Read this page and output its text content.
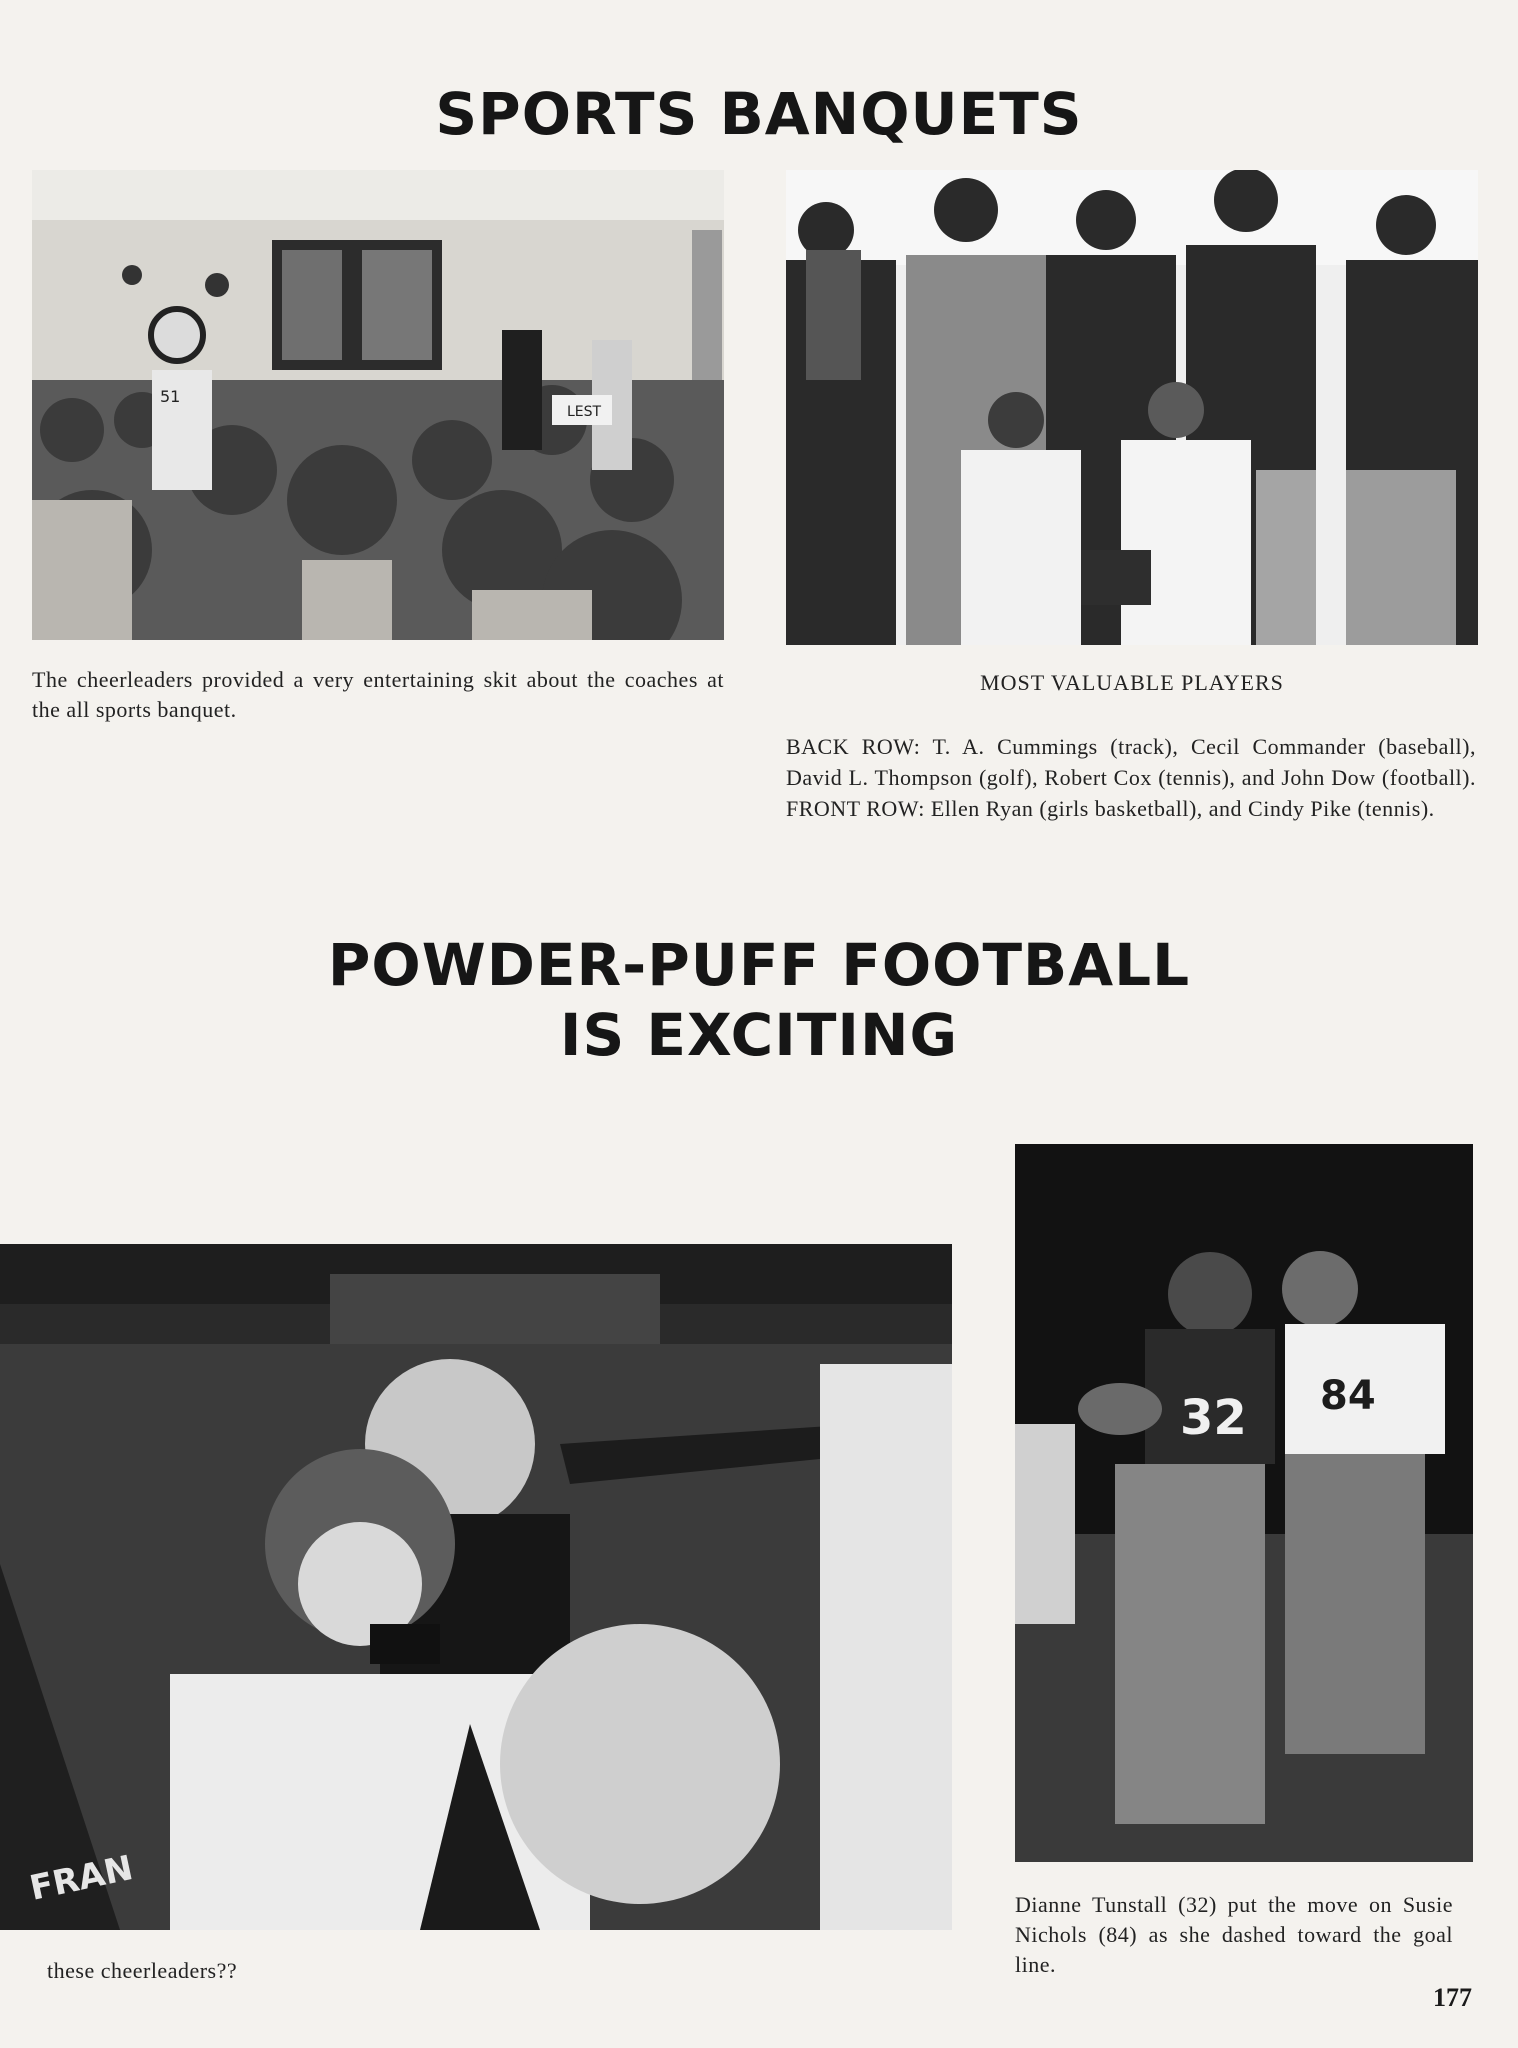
SPORTS BANQUETS
LEST
51
The cheerleaders provided a very entertaining skit about the coaches at the all sports banquet.
MOST VALUABLE PLAYERS
BACK ROW: T. A. Cummings (track), Cecil Commander (baseball), David L. Thompson (golf), Robert Cox (tennis), and John Dow (football). FRONT ROW: Ellen Ryan (girls basketball), and Cindy Pike (tennis).
POWDER-PUFF FOOTBALL
IS EXCITING
FRAN
these cheerleaders??
32 84
Dianne Tunstall (32) put the move on Susie Nichols (84) as she dashed toward the goal line.
177
